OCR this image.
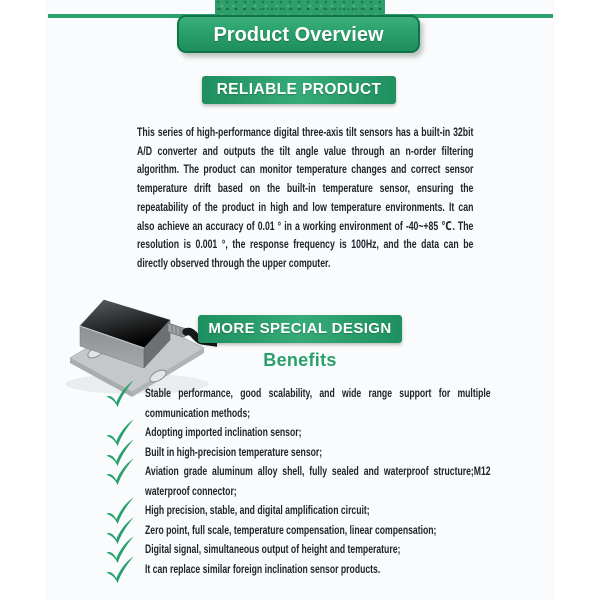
Product Overview
RELIABLE PRODUCT
This series of high-performance digital three-axis tilt sensors has a built-in 32bit A/D converter and outputs the tilt angle value through an n-order filtering algorithm. The product can monitor temperature changes and correct sensor temperature drift based on the built-in temperature sensor, ensuring the repeatability of the product in high and low temperature environments. It can also achieve an accuracy of 0.01 ° in a working environment of -40~+85 ℃. The resolution is 0.001 °, the response frequency is 100Hz, and the data can be directly observed through the upper computer.
MORE SPECIAL DESIGN
Benefits
Stable performance, good scalability, and wide range support for multiple communication methods;
Adopting imported inclination sensor;
Built in high-precision temperature sensor;
Aviation grade aluminum alloy shell, fully sealed and waterproof structure;M12 waterproof connector;
High precision, stable, and digital amplification circuit;
Zero point, full scale, temperature compensation, linear compensation;
Digital signal, simultaneous output of height and temperature;
It can replace similar foreign inclination sensor products.
